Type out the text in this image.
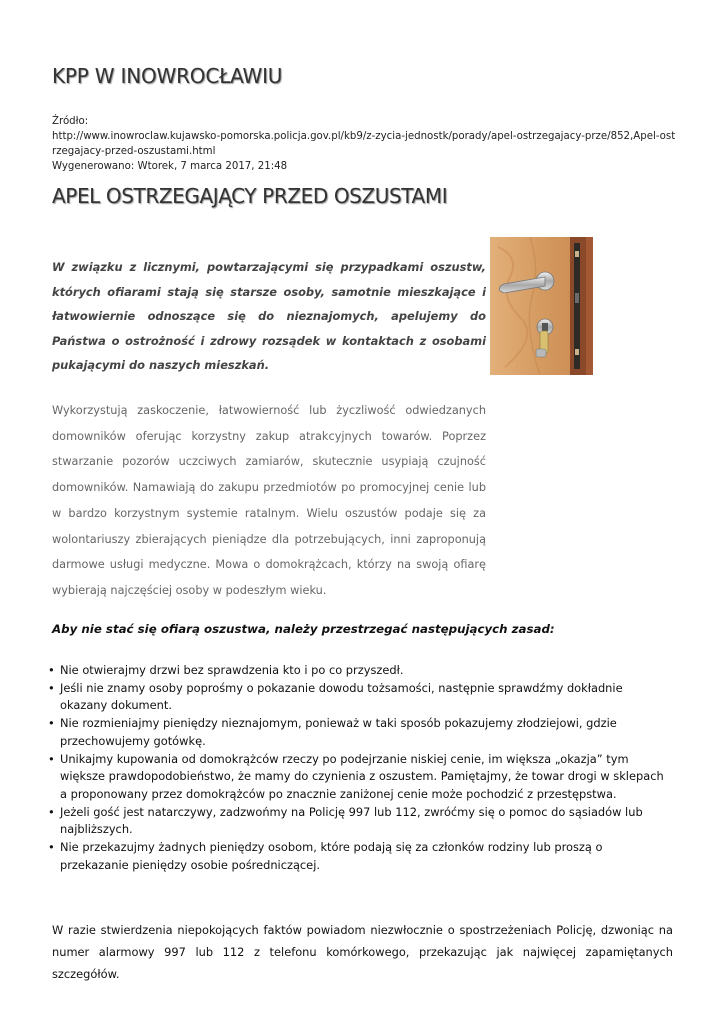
KPP W INOWROCŁAWIU
Źródło:
http://www.inowroclaw.kujawsko-pomorska.policja.gov.pl/kb9/z-zycia-jednostk/porady/apel-ostrzegajacy-prze/852,Apel-ostrzegajacy-przed-oszustami.html
Wygenerowano: Wtorek, 7 marca 2017, 21:48
APEL OSTRZEGAJĄCY PRZED OSZUSTAMI
W związku z licznymi, powtarzającymi się przypadkami oszustw, których ofiarami stają się starsze osoby, samotnie mieszkające i łatwowiernie odnoszące się do nieznajomych, apelujemy do Państwa o ostrożność i zdrowy rozsądek w kontaktach z osobami pukającymi do naszych mieszkań.
Wykorzystują zaskoczenie, łatwowierność lub życzliwość odwiedzanych domowników oferując korzystny zakup atrakcyjnych towarów. Poprzez stwarzanie pozorów uczciwych zamiarów, skutecznie usypiają czujność domowników. Namawiają do zakupu przedmiotów po promocyjnej cenie lub w bardzo korzystnym systemie ratalnym. Wielu oszustów podaje się za wolontariuszy zbierających pieniądze dla potrzebujących, inni zaproponują darmowe usługi medyczne. Mowa o domokrążcach, którzy na swoją ofiarę wybierają najczęściej osoby w podeszłym wieku.
Aby nie stać się ofiarą oszustwa, należy przestrzegać następujących zasad:
• Nie otwierajmy drzwi bez sprawdzenia kto i po co przyszedł.
• Jeśli nie znamy osoby poprośmy o pokazanie dowodu tożsamości, następnie sprawdźmy dokładnie okazany dokument.
• Nie rozmieniajmy pieniędzy nieznajomym, ponieważ w taki sposób pokazujemy złodziejowi, gdzie przechowujemy gotówkę.
• Unikajmy kupowania od domokrążców rzeczy po podejrzanie niskiej cenie, im większa „okazja” tym większe prawdopodobieństwo, że mamy do czynienia z oszustem. Pamiętajmy, że towar drogi w sklepach a proponowany przez domokrążców po znacznie zaniżonej cenie może pochodzić z przestępstwa.
• Jeżeli gość jest natarczywy, zadzwońmy na Policję 997 lub 112, zwróćmy się o pomoc do sąsiadów lub najbliższych.
• Nie przekazujmy żadnych pieniędzy osobom, które podają się za członków rodziny lub proszą o przekazanie pieniędzy osobie pośredniczącej.
W razie stwierdzenia niepokojących faktów powiadom niezwłocznie o spostrzeżeniach Policję, dzwoniąc na numer alarmowy 997 lub 112 z telefonu komórkowego, przekazując jak najwięcej zapamiętanych szczegółów.
